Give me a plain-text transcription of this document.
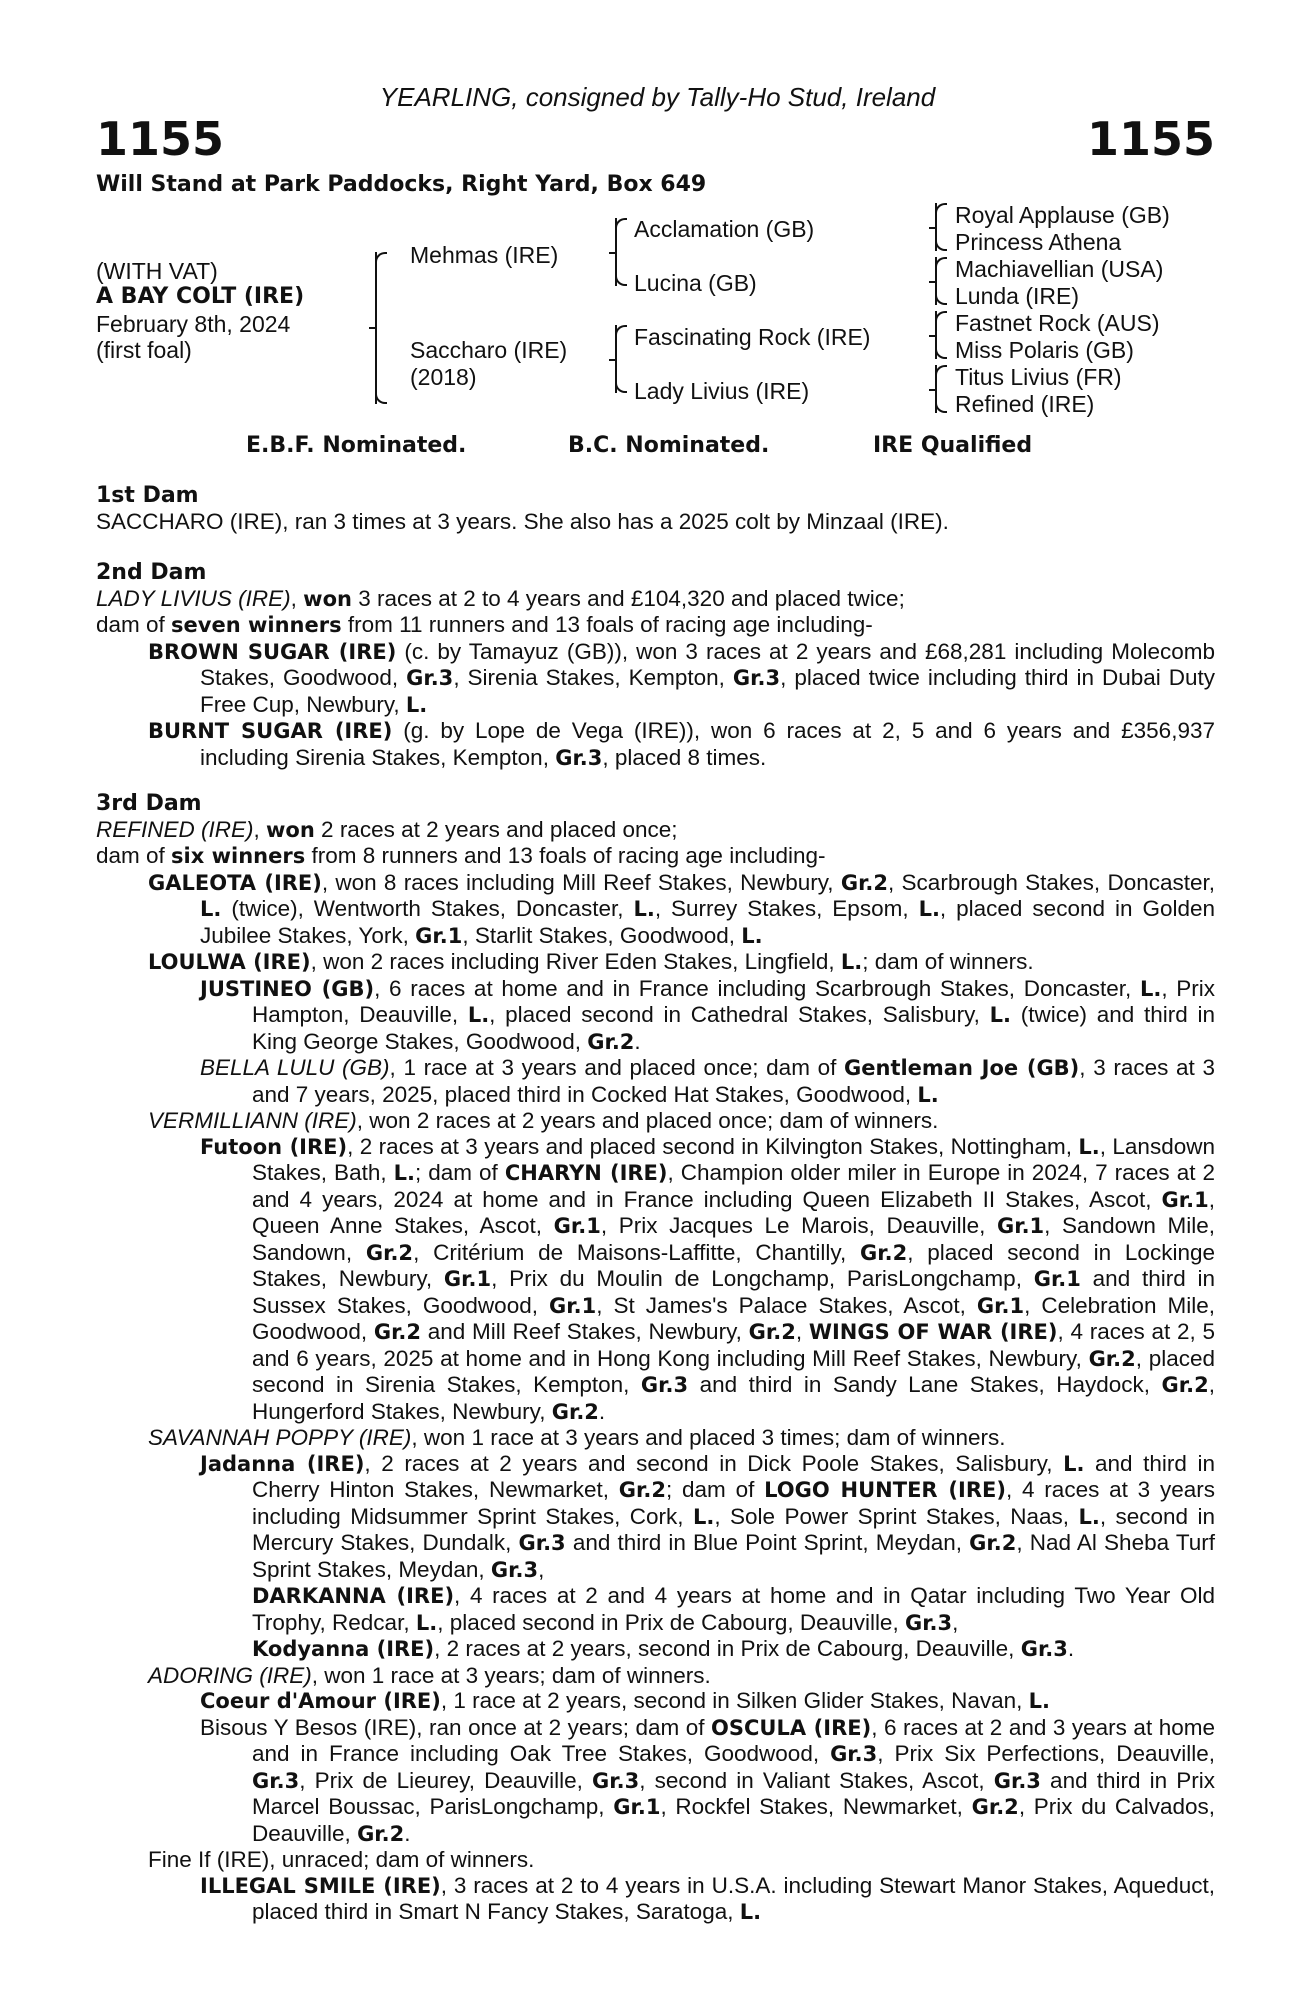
YEARLING, consigned by Tally-Ho Stud, Ireland
1155	1155
Will Stand at Park Paddocks, Right Yard, Box 649
(WITH VAT)
A BAY COLT (IRE)
February 8th, 2024
(first foal)
Mehmas (IRE)
Saccharo (IRE)
(2018)
Acclamation (GB)
Lucina (GB)
Fascinating Rock (IRE)
Lady Livius (IRE)
Royal Applause (GB)
Princess Athena
Machiavellian (USA)
Lunda (IRE)
Fastnet Rock (AUS)
Miss Polaris (GB)
Titus Livius (FR)
Refined (IRE)
E.B.F. Nominated.	B.C. Nominated.	IRE Qualified
1st Dam

SACCHARO (IRE), ran 3 times at 3 years. She also has a 2025 colt by Minzaal (IRE).

2nd Dam

LADY LIVIUS (IRE), won 3 races at 2 to 4 years and £104,320 and placed twice;

dam of seven winners from 11 runners and 13 foals of racing age including-

BROWN SUGAR (IRE) (c. by Tamayuz (GB)), won 3 races at 2 years and £68,281 including Molecomb Stakes, Goodwood, Gr.3, Sirenia Stakes, Kempton, Gr.3, placed twice including third in Dubai Duty Free Cup, Newbury, L.

BURNT SUGAR (IRE) (g. by Lope de Vega (IRE)), won 6 races at 2, 5 and 6 years and £356,937 including Sirenia Stakes, Kempton, Gr.3, placed 8 times.

3rd Dam

REFINED (IRE), won 2 races at 2 years and placed once;

dam of six winners from 8 runners and 13 foals of racing age including-

GALEOTA (IRE), won 8 races including Mill Reef Stakes, Newbury, Gr.2, Scarbrough Stakes, Doncaster, L. (twice), Wentworth Stakes, Doncaster, L., Surrey Stakes, Epsom, L., placed second in Golden Jubilee Stakes, York, Gr.1, Starlit Stakes, Goodwood, L.

LOULWA (IRE), won 2 races including River Eden Stakes, Lingfield, L.; dam of winners.

JUSTINEO (GB), 6 races at home and in France including Scarbrough Stakes, Doncaster, L., Prix Hampton, Deauville, L., placed second in Cathedral Stakes, Salisbury, L. (twice) and third in King George Stakes, Goodwood, Gr.2.

BELLA LULU (GB), 1 race at 3 years and placed once; dam of Gentleman Joe (GB), 3 races at 3 and 7 years, 2025, placed third in Cocked Hat Stakes, Goodwood, L.

VERMILLIANN (IRE), won 2 races at 2 years and placed once; dam of winners.

Futoon (IRE), 2 races at 3 years and placed second in Kilvington Stakes, Nottingham, L., Lansdown Stakes, Bath, L.; dam of CHARYN (IRE), Champion older miler in Europe in 2024, 7 races at 2 and 4 years, 2024 at home and in France including Queen Elizabeth II Stakes, Ascot, Gr.1, Queen Anne Stakes, Ascot, Gr.1, Prix Jacques Le Marois, Deauville, Gr.1, Sandown Mile, Sandown, Gr.2, Critérium de Maisons-Laffitte, Chantilly, Gr.2, placed second in Lockinge Stakes, Newbury, Gr.1, Prix du Moulin de Longchamp, ParisLongchamp, Gr.1 and third in Sussex Stakes, Goodwood, Gr.1, St James's Palace Stakes, Ascot, Gr.1, Celebration Mile, Goodwood, Gr.2 and Mill Reef Stakes, Newbury, Gr.2, WINGS OF WAR (IRE), 4 races at 2, 5 and 6 years, 2025 at home and in Hong Kong including Mill Reef Stakes, Newbury, Gr.2, placed second in Sirenia Stakes, Kempton, Gr.3 and third in Sandy Lane Stakes, Haydock, Gr.2, Hungerford Stakes, Newbury, Gr.2.

SAVANNAH POPPY (IRE), won 1 race at 3 years and placed 3 times; dam of winners.

Jadanna (IRE), 2 races at 2 years and second in Dick Poole Stakes, Salisbury, L. and third in Cherry Hinton Stakes, Newmarket, Gr.2; dam of LOGO HUNTER (IRE), 4 races at 3 years including Midsummer Sprint Stakes, Cork, L., Sole Power Sprint Stakes, Naas, L., second in Mercury Stakes, Dundalk, Gr.3 and third in Blue Point Sprint, Meydan, Gr.2, Nad Al Sheba Turf Sprint Stakes, Meydan, Gr.3,
DARKANNA (IRE), 4 races at 2 and 4 years at home and in Qatar including Two Year Old Trophy, Redcar, L., placed second in Prix de Cabourg, Deauville, Gr.3,
Kodyanna (IRE), 2 races at 2 years, second in Prix de Cabourg, Deauville, Gr.3.

ADORING (IRE), won 1 race at 3 years; dam of winners.

Coeur d'Amour (IRE), 1 race at 2 years, second in Silken Glider Stakes, Navan, L.

Bisous Y Besos (IRE), ran once at 2 years; dam of OSCULA (IRE), 6 races at 2 and 3 years at home and in France including Oak Tree Stakes, Goodwood, Gr.3, Prix Six Perfections, Deauville, Gr.3, Prix de Lieurey, Deauville, Gr.3, second in Valiant Stakes, Ascot, Gr.3 and third in Prix Marcel Boussac, ParisLongchamp, Gr.1, Rockfel Stakes, Newmarket, Gr.2, Prix du Calvados, Deauville, Gr.2.

Fine If (IRE), unraced; dam of winners.

ILLEGAL SMILE (IRE), 3 races at 2 to 4 years in U.S.A. including Stewart Manor Stakes, Aqueduct, placed third in Smart N Fancy Stakes, Saratoga, L.
